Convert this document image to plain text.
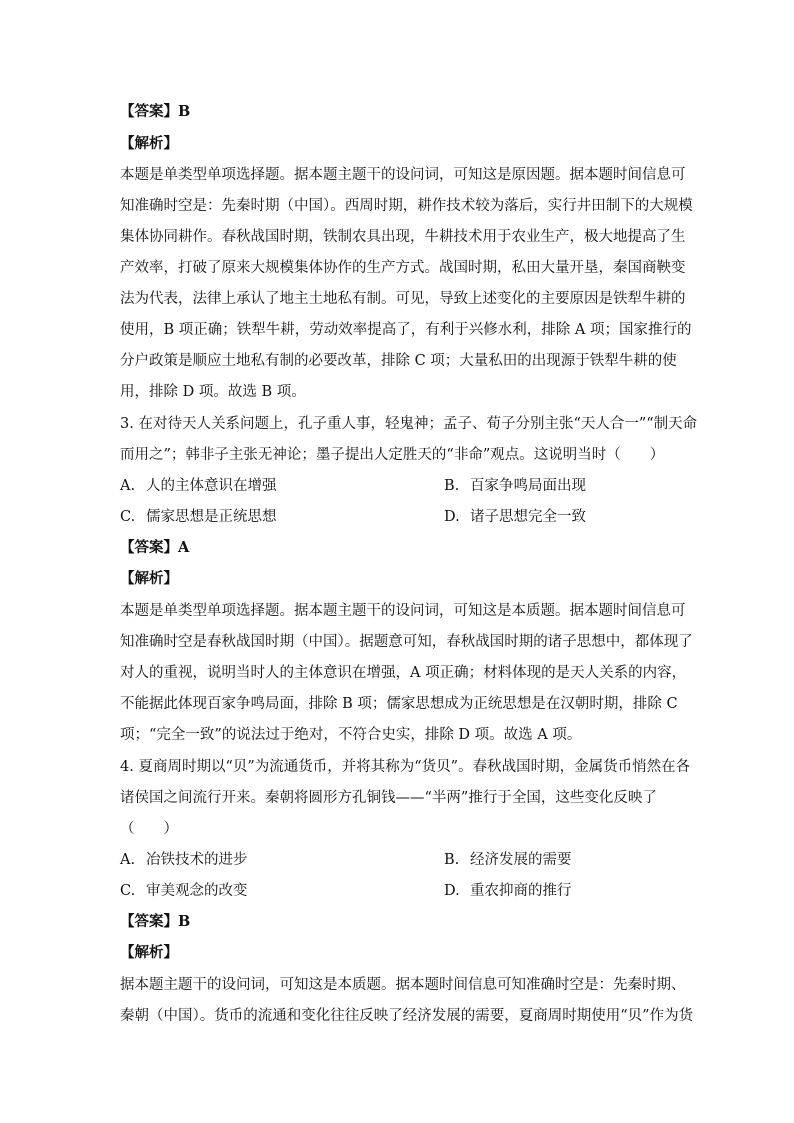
【答案】B
【解析】
本题是单类型单项选择题。据本题主题干的设问词，可知这是原因题。据本题时间信息可
知准确时空是：先秦时期（中国）。西周时期，耕作技术较为落后，实行井田制下的大规模
集体协同耕作。春秋战国时期，铁制农具出现，牛耕技术用于农业生产，极大地提高了生
产效率，打破了原来大规模集体协作的生产方式。战国时期，私田大量开垦，秦国商鞅变
法为代表，法律上承认了地主土地私有制。可见，导致上述变化的主要原因是铁犁牛耕的
使用，B 项正确；铁犁牛耕，劳动效率提高了，有利于兴修水利，排除 A 项；国家推行的
分户政策是顺应土地私有制的必要改革，排除 C 项；大量私田的出现源于铁犁牛耕的使
用，排除 D 项。故选 B 项。
3. 在对待天人关系问题上，孔子重人事，轻鬼神；孟子、荀子分别主张“天人合一”“制天命
而用之”；韩非子主张无神论；墨子提出人定胜天的“非命”观点。这说明当时（　　）
A. 人的主体意识在增强	B. 百家争鸣局面出现
C. 儒家思想是正统思想	D. 诸子思想完全一致
【答案】A
【解析】
本题是单类型单项选择题。据本题主题干的设问词，可知这是本质题。据本题时间信息可
知准确时空是春秋战国时期（中国）。据题意可知，春秋战国时期的诸子思想中，都体现了
对人的重视，说明当时人的主体意识在增强，A 项正确；材料体现的是天人关系的内容，
不能据此体现百家争鸣局面，排除 B 项；儒家思想成为正统思想是在汉朝时期，排除 C
项；“完全一致”的说法过于绝对，不符合史实，排除 D 项。故选 A 项。
4. 夏商周时期以“贝”为流通货币，并将其称为“货贝”。春秋战国时期，金属货币悄然在各
诸侯国之间流行开来。秦朝将圆形方孔铜钱——“半两”推行于全国，这些变化反映了
（　　）
A. 冶铁技术的进步	B. 经济发展的需要
C. 审美观念的改变	D. 重农抑商的推行
【答案】B
【解析】
据本题主题干的设问词，可知这是本质题。据本题时间信息可知准确时空是：先秦时期、
秦朝（中国）。货币的流通和变化往往反映了经济发展的需要，夏商周时期使用“贝”作为货
